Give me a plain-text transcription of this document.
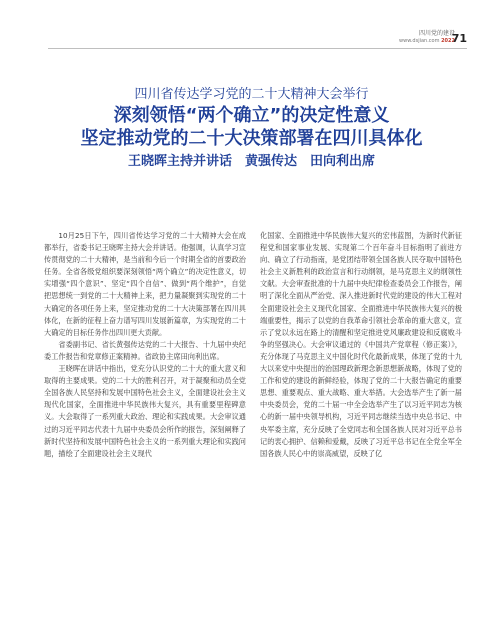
四川党的建设
www.dsjian.com 2022
71
四川省传达学习党的二十大精神大会举行
深刻领悟“两个确立”的决定性意义
坚定推动党的二十大决策部署在四川具体化
王晓晖主持并讲话　黄强传达　田向利出席

10月25日下午，四川省传达学习党的二十大精神大会在成都举行，省委书记王晓晖主持大会并讲话。他强调，认真学习宣传贯彻党的二十大精神，是当前和今后一个时期全省的首要政治任务。全省各级党组织要深刻领悟“两个确立”的决定性意义，切实增强“四个意识”、坚定“四个自信”、做到“两个维护”，自觉把思想统一到党的二十大精神上来，把力量凝聚到实现党的二十大确定的各项任务上来，坚定推动党的二十大决策部署在四川具体化，在新的征程上奋力谱写四川发展新篇章，为实现党的二十大确定的目标任务作出四川更大贡献。

省委副书记、省长黄强传达党的二十大报告、十九届中央纪委工作报告和党章修正案精神。省政协主席田向利出席。

王晓晖在讲话中指出，党充分认识党的二十大的重大意义和取得的主要成果。党的二十大的胜利召开，对于凝聚和动员全党全国各族人民坚持和发展中国特色社会主义，全面建设社会主义现代化国家，全面推进中华民族伟大复兴，具有重要里程碑意义。大会取得了一系列重大政治、理论和实践成果。大会审议通过的习近平同志代表十九届中央委员会所作的报告，深刻阐释了新时代坚持和发展中国特色社会主义的一系列重大理论和实践问题，描绘了全面建设社会主义现代

化国家、全面推进中华民族伟大复兴的宏伟蓝图，为新时代新征程党和国家事业发展、实现第二个百年奋斗目标指明了前进方向、确立了行动指南，是党团结带领全国各族人民夺取中国特色社会主义新胜利的政治宣言和行动纲领，是马克思主义的纲领性文献。大会审查批准的十九届中央纪律检查委员会工作报告，阐明了深化全面从严治党、深入推进新时代党的建设的伟大工程对全面建设社会主义现代化国家、全面推进中华民族伟大复兴的极端重要性，揭示了以党的自我革命引领社会革命的重大意义，宣示了党以永远在路上的清醒和坚定推进党风廉政建设和反腐败斗争的坚强决心。大会审议通过的《中国共产党章程（修正案）》，充分体现了马克思主义中国化时代化最新成果，体现了党的十九大以来党中央提出的治国理政新理念新思想新战略，体现了党的工作和党的建设的新鲜经验，体现了党的二十大报告确定的重要思想、重要观点、重大战略、重大举措。大会选举产生了新一届中央委员会，党的二十届一中全会选举产生了以习近平同志为核心的新一届中央领导机构，习近平同志继续当选中央总书记、中央军委主席，充分反映了全党同志和全国各族人民对习近平总书记的衷心拥护、信赖和爱戴，反映了习近平总书记在全党全军全国各族人民心中的崇高威望，反映了亿
